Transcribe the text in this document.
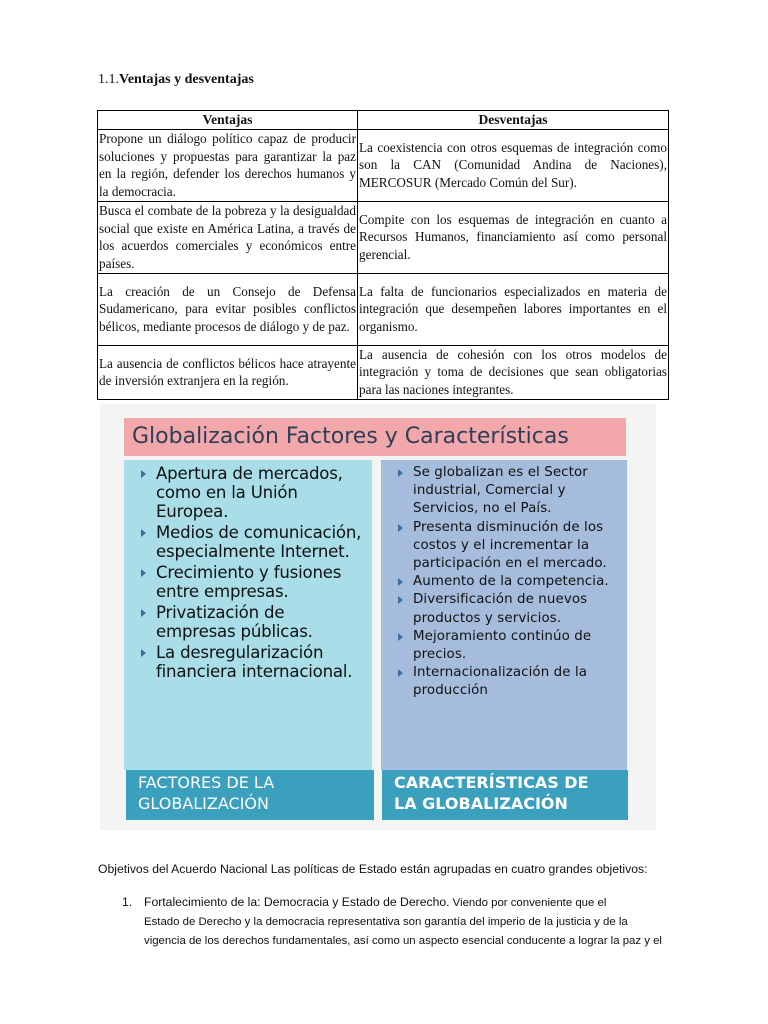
1.1.Ventajas y desventajas
Ventajas	Desventajas
Propone un diálogo político capaz de producir soluciones y propuestas para garantizar la paz en la región, defender los derechos humanos y la democracia.	La coexistencia con otros esquemas de integración como son la CAN (Comunidad Andina de Naciones), MERCOSUR (Mercado Común del Sur).
Busca el combate de la pobreza y la desigualdad social que existe en América Latina, a través de los acuerdos comerciales y económicos entre países.	Compite con los esquemas de integración en cuanto a Recursos Humanos, financiamiento así como personal gerencial.
La creación de un Consejo de Defensa Sudamericano, para evitar posibles conflictos bélicos, mediante procesos de diálogo y de paz.	La falta de funcionarios especializados en materia de integración que desempeñen labores importantes en el organismo.
La ausencia de conflictos bélicos hace atrayente de inversión extranjera en la región.	La ausencia de cohesión con los otros modelos de integración y toma de decisiones que sean obligatorias para las naciones integrantes.
Globalización Factores y Características
Apertura de mercados, como en la Unión Europea.
Medios de comunicación, especialmente Internet.
Crecimiento y fusiones entre empresas.
Privatización de empresas públicas.
La desregularización financiera internacional.
Se globalizan es el Sector industrial, Comercial y Servicios, no el País.
Presenta disminución de los costos y el incrementar la participación en el mercado.
Aumento de la competencia.
Diversificación de nuevos productos y servicios.
Mejoramiento continúo de precios.
Internacionalización de la producción
FACTORES DE LA GLOBALIZACIÓN
CARACTERÍSTICAS DE LA GLOBALIZACIÓN
Objetivos del Acuerdo Nacional Las políticas de Estado están agrupadas en cuatro grandes objetivos:
1. Fortalecimiento de la: Democracia y Estado de Derecho. Viendo por conveniente que el
Estado de Derecho y la democracia representativa son garantía del imperio de la justicia y de la vigencia de los derechos fundamentales, así como un aspecto esencial conducente a lograr la paz y el
